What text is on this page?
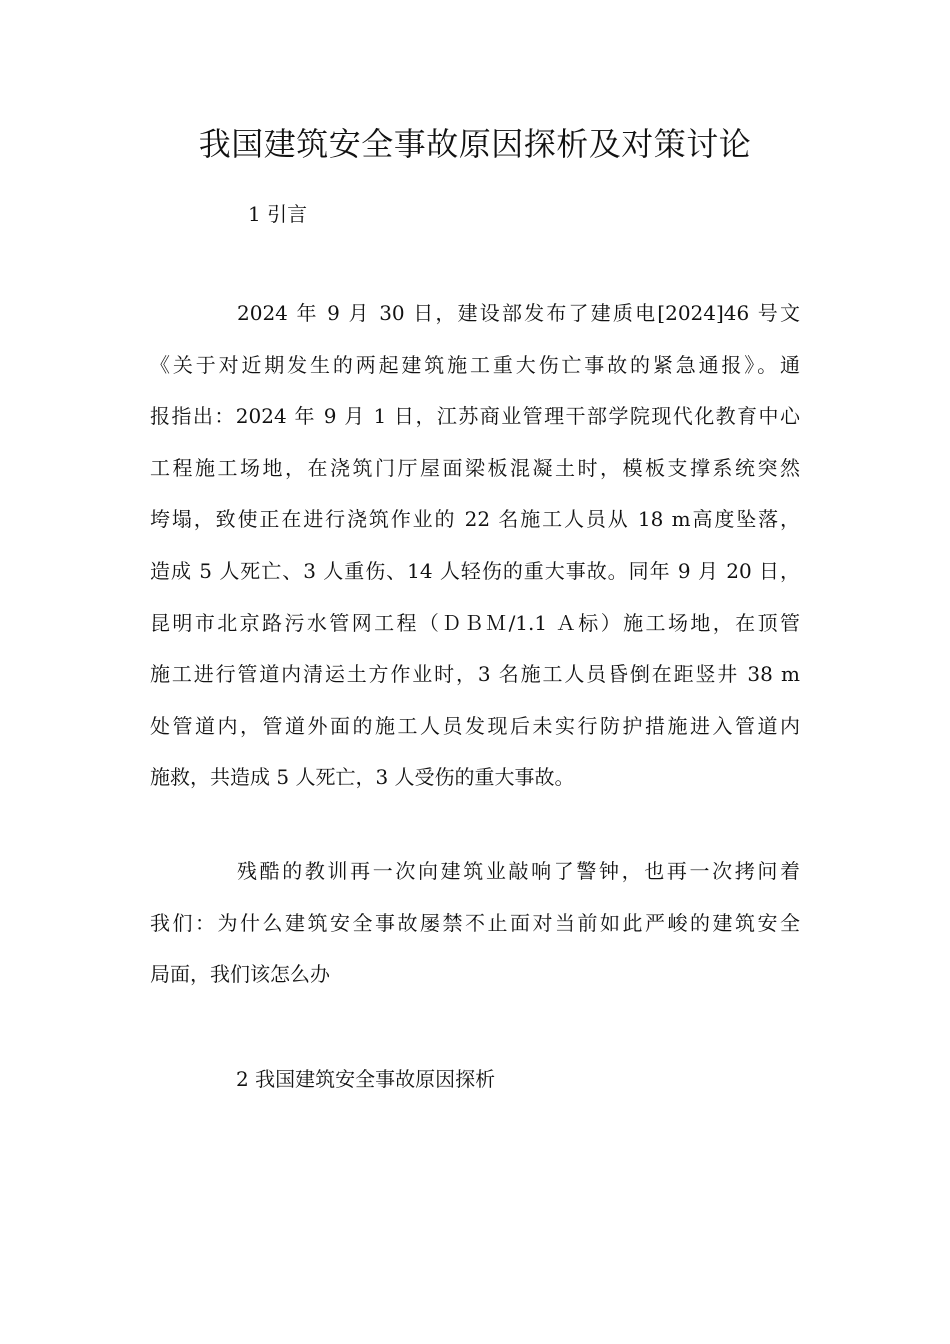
我国建筑安全事故原因探析及对策讨论
1 引言
2024 年 9 月 30 日，建设部发布了建质电[2024]46 号文
《关于对近期发生的两起建筑施工重大伤亡事故的紧急通报》。通
报指出：2024 年 9 月 1 日，江苏商业管理干部学院现代化教育中心
工程施工场地，在浇筑门厅屋面梁板混凝土时，模板支撑系统突然
垮塌，致使正在进行浇筑作业的 22 名施工人员从 18 m高度坠落，
造成 5 人死亡、3 人重伤、14 人轻伤的重大事故。同年 9 月 20 日，
昆明市北京路污水管网工程（ＤＢＭ/1.1 Ａ标）施工场地，在顶管
施工进行管道内清运土方作业时，3 名施工人员昏倒在距竖井 38 m
处管道内，管道外面的施工人员发现后未实行防护措施进入管道内
施救，共造成 5 人死亡，3 人受伤的重大事故。
残酷的教训再一次向建筑业敲响了警钟，也再一次拷问着
我们：为什么建筑安全事故屡禁不止面对当前如此严峻的建筑安全
局面，我们该怎么办
2 我国建筑安全事故原因探析
